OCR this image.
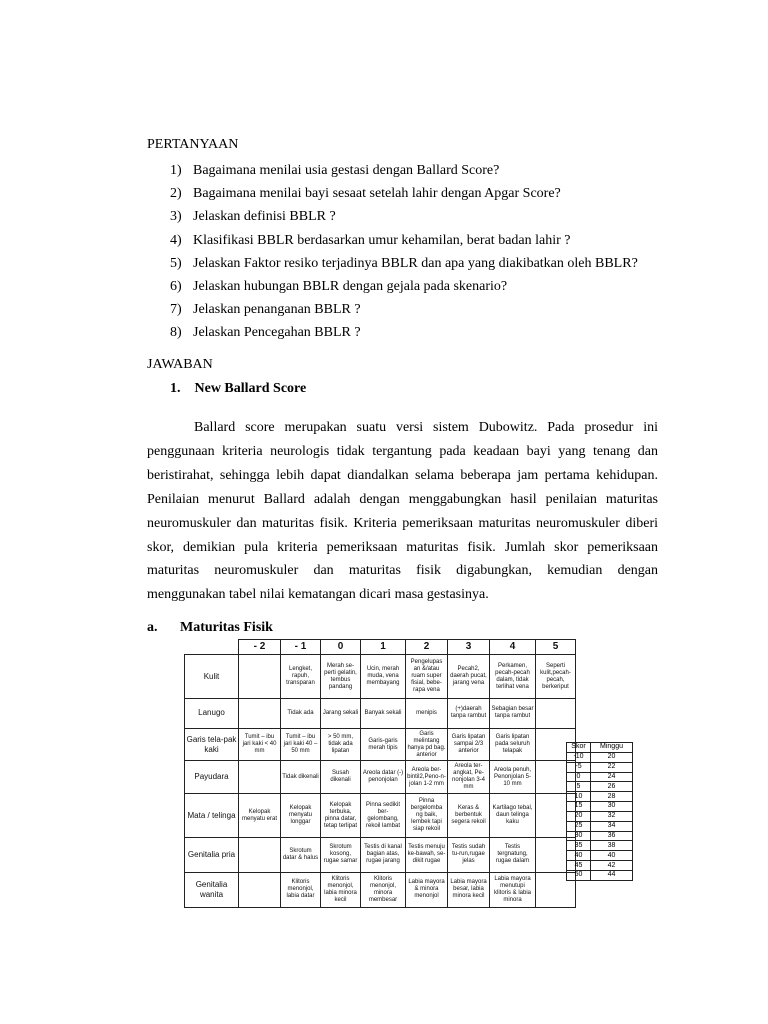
PERTANYAAN
1) Bagaimana menilai usia gestasi dengan Ballard Score?
2) Bagaimana menilai bayi sesaat setelah lahir dengan Apgar Score?
3) Jelaskan definisi BBLR ?
4) Klasifikasi BBLR berdasarkan umur kehamilan, berat badan lahir ?
5) Jelaskan Faktor resiko terjadinya BBLR dan apa yang diakibatkan oleh BBLR?
6) Jelaskan hubungan BBLR dengan gejala pada skenario?
7) Jelaskan penanganan BBLR ?
8) Jelaskan Pencegahan BBLR ?
JAWABAN
1.    New Ballard Score

Ballard score merupakan suatu versi sistem Dubowitz. Pada prosedur ini penggunaan kriteria neurologis tidak tergantung pada keadaan bayi yang tenang dan beristirahat, sehingga lebih dapat diandalkan selama beberapa jam pertama kehidupan. Penilaian menurut Ballard adalah dengan menggabungkan hasil penilaian maturitas neuromuskuler dan maturitas fisik. Kriteria pemeriksaan maturitas neuromuskuler diberi skor, demikian pula kriteria pemeriksaan maturitas fisik. Jumlah skor pemeriksaan maturitas neuromuskuler dan maturitas fisik digabungkan, kemudian dengan menggunakan tabel nilai kematangan dicari masa gestasinya.

a. Maturitas Fisik
	- 2	- 1	0	1	2	3	4	5
Kulit		Lengket, rapuh, transparan	Merah se-perti gelatin, tembus pandang	Ucin, merah muda, vena membayang	Pengelupas an &/atau ruam super fisial, bebe-rapa vena	Pecah2, daerah pucat, jarang vena	Perkamen, pecah-pecah dalam, tidak terlihat vena	Seperti kulit,pecah-pecah, berkeriput
Lanugo		Tidak ada	Jarang sekali	Banyak sekali	menipis	(+)daerah tanpa rambut	Sebagian besar tanpa rambut	
Garis tela-pak kaki	Tumit – ibu jari kaki < 40 mm	Tumit – ibu jari kaki 40 –50 mm	> 50 mm, tidak ada lipatan	Garis-garis merah tipis	Garis melintang hanya pd bag. anterior	Garis lipatan sampai 2/3 anterior	Garis lipatan pada seluruh telapak	
Payudara		Tidak dikenali	Susah dikenali	Areola datar (-) penonjolan	Areola ber-bintil2,Peno-n- jolan 1-2 mm	Areola ter-angkat, Pe-nonjolan 3-4 mm	Areola penuh, Penonjolan 5- 10 mm	
Mata / telinga	Kelopak menyatu erat	Kelopak menyatu longgar	Kelopak terbuka, pinna datar, tetap terlipat	Pinna sedikit ber-gelombang, rekoil lambat	Pinna bergelomba ng baik, lembek tapi siap rekoil	Keras & berbentuk segera rekoil	Kartilago tebal, daun telinga kaku	
Genitalia pria		Skrotum datar & halus	Skrotum kosong, rugae samar	Testis di kanal bagian atas, rugae jarang	Testis menuju ke-bawah, se-dikit rugae	Testis sudah tu-run,rugae jelas	Testis tergnatung, rugae dalam	
Genitalia wanita		Klitoris menonjol, labia datar	Klitoris menonjol, labia minora kecil	Klitoris menonjol, minora membesar	Labia mayora & minora menonjol	Labia mayora besar, labia minora kecil	Labia mayora menutupi klitoris & labia minora	
Skor	Minggu
-10	20
-5	22
0	24
5	26
10	28
15	30
20	32
25	34
30	36
35	38
40	40
45	42
50	44
